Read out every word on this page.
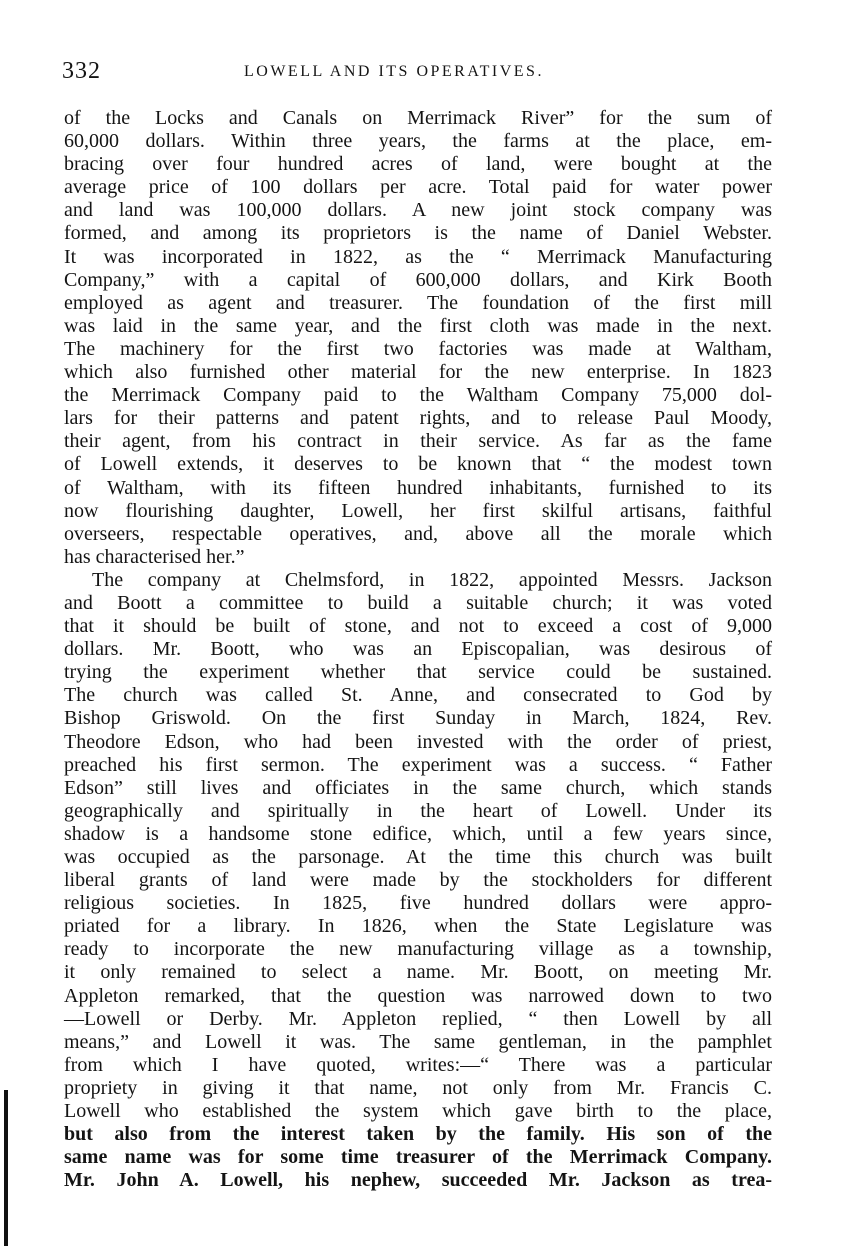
332	LOWELL AND ITS OPERATIVES.
of the Locks and Canals on Merrimack River” for the sum of
60,000 dollars. Within three years, the farms at the place, em-
bracing over four hundred acres of land, were bought at the
average price of 100 dollars per acre. Total paid for water power
and land was 100,000 dollars. A new joint stock company was
formed, and among its proprietors is the name of Daniel Webster.
It was incorporated in 1822, as the “ Merrimack Manufacturing
Company,” with a capital of 600,000 dollars, and Kirk Booth
employed as agent and treasurer. The foundation of the first mill
was laid in the same year, and the first cloth was made in the next.
The machinery for the first two factories was made at Waltham,
which also furnished other material for the new enterprise. In 1823
the Merrimack Company paid to the Waltham Company 75,000 dol-
lars for their patterns and patent rights, and to release Paul Moody,
their agent, from his contract in their service. As far as the fame
of Lowell extends, it deserves to be known that “ the modest town
of Waltham, with its fifteen hundred inhabitants, furnished to its
now flourishing daughter, Lowell, her first skilful artisans, faithful
overseers, respectable operatives, and, above all the morale which
has characterised her.”
The company at Chelmsford, in 1822, appointed Messrs. Jackson
and Boott a committee to build a suitable church; it was voted
that it should be built of stone, and not to exceed a cost of 9,000
dollars. Mr. Boott, who was an Episcopalian, was desirous of
trying the experiment whether that service could be sustained.
The church was called St. Anne, and consecrated to God by
Bishop Griswold. On the first Sunday in March, 1824, Rev.
Theodore Edson, who had been invested with the order of priest,
preached his first sermon. The experiment was a success. “ Father
Edson” still lives and officiates in the same church, which stands
geographically and spiritually in the heart of Lowell. Under its
shadow is a handsome stone edifice, which, until a few years since,
was occupied as the parsonage. At the time this church was built
liberal grants of land were made by the stockholders for different
religious societies. In 1825, five hundred dollars were appro-
priated for a library. In 1826, when the State Legislature was
ready to incorporate the new manufacturing village as a township,
it only remained to select a name. Mr. Boott, on meeting Mr.
Appleton remarked, that the question was narrowed down to two
—Lowell or Derby. Mr. Appleton replied, “ then Lowell by all
means,” and Lowell it was. The same gentleman, in the pamphlet
from which I have quoted, writes:—“ There was a particular
propriety in giving it that name, not only from Mr. Francis C.
Lowell who established the system which gave birth to the place,
but also from the interest taken by the family. His son of the
same name was for some time treasurer of the Merrimack Company.
Mr. John A. Lowell, his nephew, succeeded Mr. Jackson as trea-
